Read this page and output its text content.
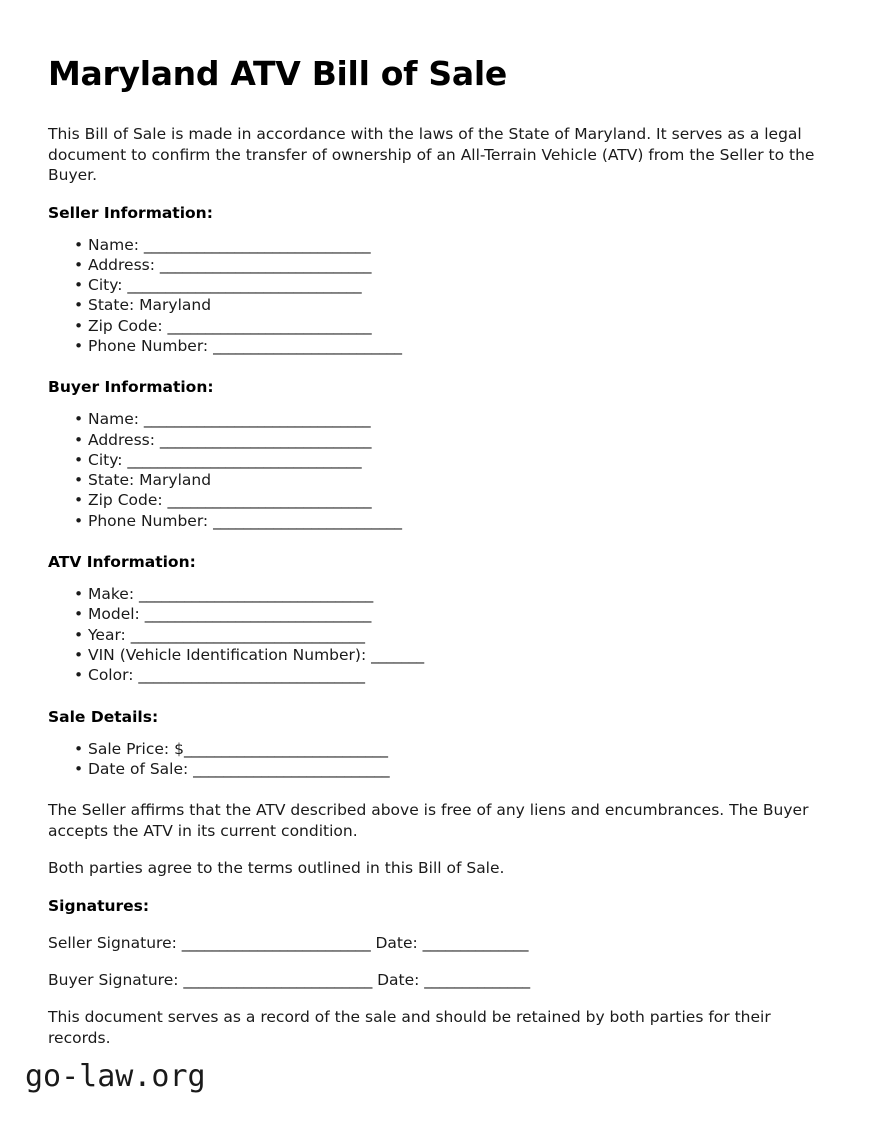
Maryland ATV Bill of Sale

This Bill of Sale is made in accordance with the laws of the State of Maryland. It serves as a legal document to confirm the transfer of ownership of an All-Terrain Vehicle (ATV) from the Seller to the Buyer.

Seller Information:
• Name: ______________________________
• Address: ____________________________
• City: _______________________________
• State: Maryland
• Zip Code: ___________________________
• Phone Number: _________________________
Buyer Information:
• Name: ______________________________
• Address: ____________________________
• City: _______________________________
• State: Maryland
• Zip Code: ___________________________
• Phone Number: _________________________
ATV Information:
• Make: _______________________________
• Model: ______________________________
• Year: _______________________________
• VIN (Vehicle Identification Number): _______
• Color: ______________________________
Sale Details:
• Sale Price: $___________________________
• Date of Sale: __________________________

The Seller affirms that the ATV described above is free of any liens and encumbrances. The Buyer accepts the ATV in its current condition.

Both parties agree to the terms outlined in this Bill of Sale.

Signatures:

Seller Signature: _________________________ Date: ______________

Buyer Signature: _________________________ Date: ______________

This document serves as a record of the sale and should be retained by both parties for their records.

go-law.org
